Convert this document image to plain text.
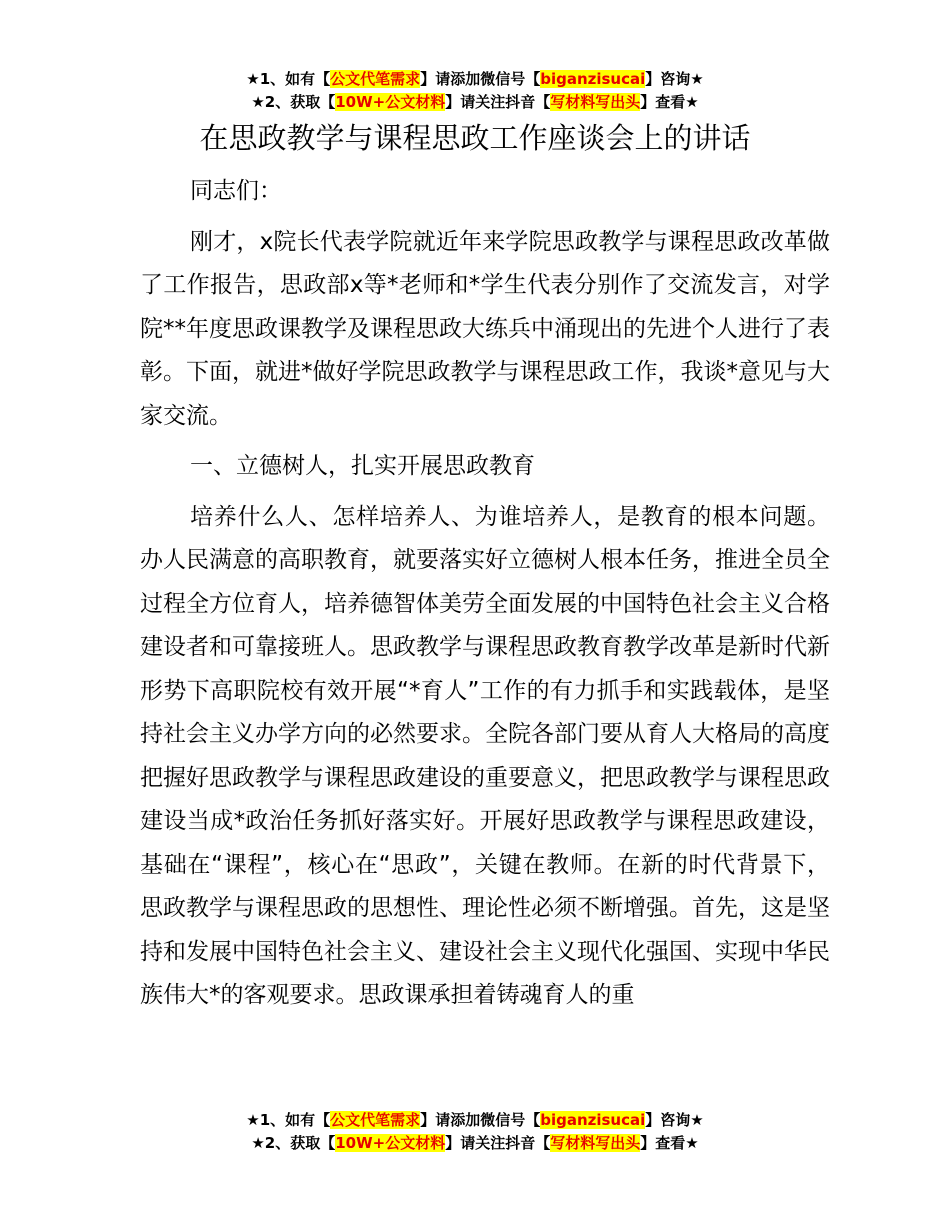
★1、如有【公文代笔需求】请添加微信号【biganzisucai】咨询★
★2、获取【10W+公文材料】请关注抖音【写材料写出头】查看★
在思政教学与课程思政工作座谈会上的讲话

同志们：

刚才，x院长代表学院就近年来学院思政教学与课程思政改革做了工作报告，思政部x等*老师和*学生代表分别作了交流发言，对学院**年度思政课教学及课程思政大练兵中涌现出的先进个人进行了表彰。下面，就进*做好学院思政教学与课程思政工作，我谈*意见与大家交流。

一、立德树人，扎实开展思政教育

培养什么人、怎样培养人、为谁培养人，是教育的根本问题。办人民满意的高职教育，就要落实好立德树人根本任务，推进全员全过程全方位育人，培养德智体美劳全面发展的中国特色社会主义合格建设者和可靠接班人。思政教学与课程思政教育教学改革是新时代新形势下高职院校有效开展“*育人”工作的有力抓手和实践载体，是坚持社会主义办学方向的必然要求。全院各部门要从育人大格局的高度把握好思政教学与课程思政建设的重要意义，把思政教学与课程思政建设当成*政治任务抓好落实好。开展好思政教学与课程思政建设，基础在“课程”，核心在“思政”，关键在教师。在新的时代背景下，思政教学与课程思政的思想性、理论性必须不断增强。首先，这是坚持和发展中国特色社会主义、建设社会主义现代化强国、实现中华民族伟大*的客观要求。思政课承担着铸魂育人的重

★1、如有【公文代笔需求】请添加微信号【biganzisucai】咨询★
★2、获取【10W+公文材料】请关注抖音【写材料写出头】查看★
